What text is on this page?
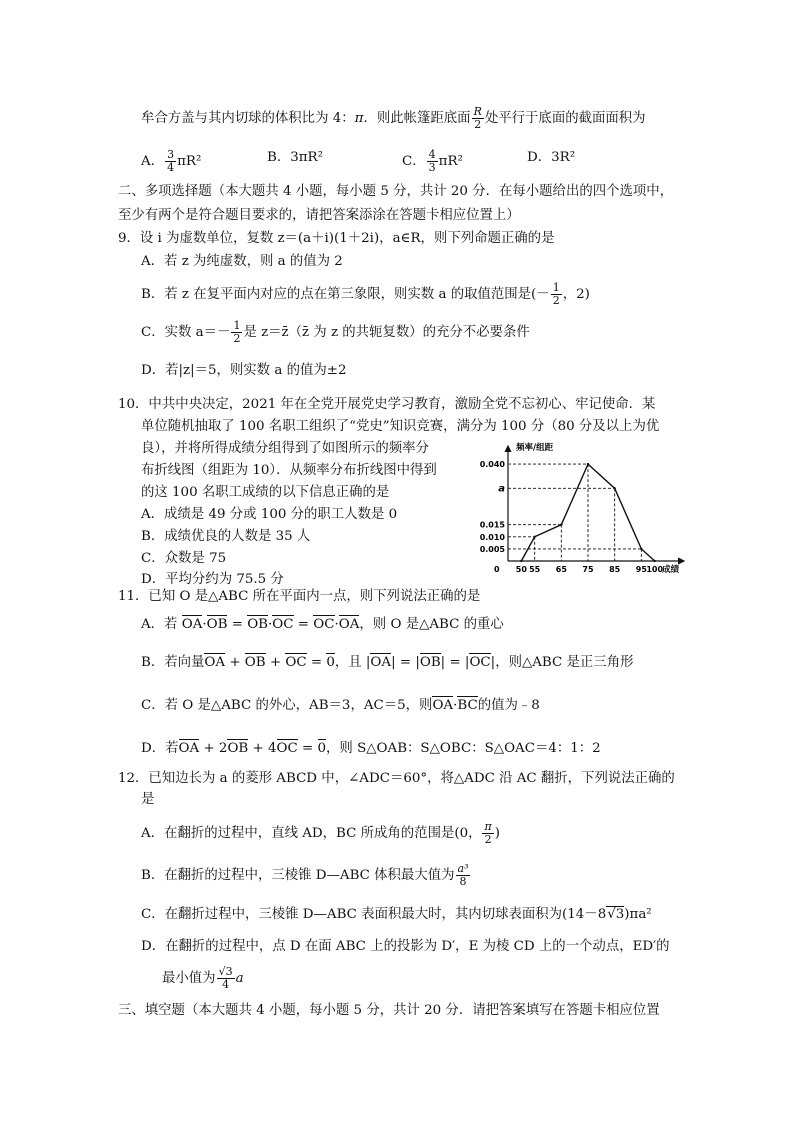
牟合方盖与其内切球的体积比为 4：π．则此帐篷距底面 $\frac{R}{2}$ 处平行于底面的截面面积为
A． $\frac{3}{4} \pi R^2$	B．3πR²	C． $\frac{4}{3} \pi R^2$	D．3R²
二、多项选择题（本大题共 4 小题，每小题 5 分，共计 20 分．在每小题给出的四个选项中，
至少有两个是符合题目要求的，请把答案添涂在答题卡相应位置上）
9．设 i 为虚数单位，复数 z＝(a＋i)(1＋2i)，a∈R，则下列命题正确的是
A．若 z 为纯虚数，则 a 的值为 2
B．若 z 在复平面内对应的点在第三象限，则实数 a 的取值范围是(－ $\frac{1}{2}$ ，2)
C．实数 $a=- \frac{1}{2}$ 是 z＝z̄（z̄ 为 z 的共轭复数）的充分不必要条件
D．若|z|＝5，则实数 a 的值为±2
10．中共中央决定，2021 年在全党开展党史学习教育，激励全党不忘初心、牢记使命．某
单位随机抽取了 100 名职工组织了“党史”知识竞赛，满分为 100 分（80 分及以上为优
良），并将所得成绩分组得到了如图所示的频率分
布折线图（组距为 10）．从频率分布折线图中得到
的这 100 名职工成绩的以下信息正确的是
A．成绩是 49 分或 100 分的职工人数是 0
B．成绩优良的人数是 35 人
C．众数是 75
D．平均分约为 75.5 分
频率/组距
0.040
a
0.015
0.010
0.005
0 50 55 65 75 85 95 100 成绩
11．已知 O 是△ABC 所在平面内一点，则下列说法正确的是
A．若 OA·OB = OB·OC = OC·OA，则 O 是△ABC 的重心
B．若向量OA + OB + OC = 0，且 |OA| = |OB| = |OC|，则△ABC 是正三角形
C．若 O 是△ABC 的外心，AB＝3，AC＝5，则OA·BC的值为﹣8
D．若OA + 2OB + 4OC = 0，则 S△OAB：S△OBC：S△OAC＝4：1：2
12．已知边长为 a 的菱形 ABCD 中，∠ADC＝60°，将△ADC 沿 AC 翻折，下列说法正确的
是
A．在翻折的过程中，直线 AD，BC 所成角的范围是(0， $\frac{\pi}{2}$ )
B．在翻折的过程中，三棱锥 D—ABC 体积最大值为 $\frac{\text{a³}}{8}$
C．在翻折过程中，三棱锥 D—ABC 表面积最大时，其内切球表面积为(14－8√3)πa²
D．在翻折的过程中，点 D 在面 ABC 上的投影为 D′，E 为棱 CD 上的一个动点，ED′的
最小值为 $\frac{√3}{4}$ a
三、填空题（本大题共 4 小题，每小题 5 分，共计 20 分．请把答案填写在答题卡相应位置
